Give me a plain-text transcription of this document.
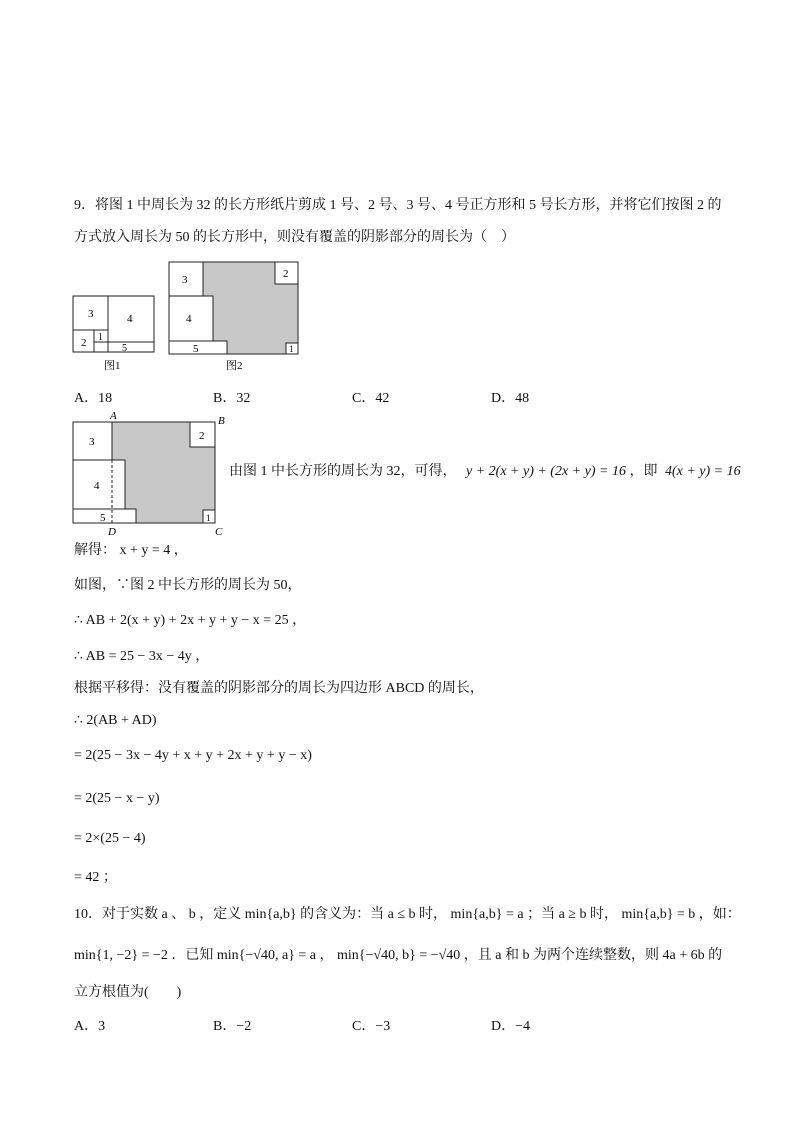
9．将图 1 中周长为 32 的长方形纸片剪成 1 号、2 号、3 号、4 号正方形和 5 号长方形，并将它们按图 2 的
方式放入周长为 50 的长方形中，则没有覆盖的阴影部分的周长为（　）
3	4
2 1
5
图1
3	2
4
5	1
图2
A．18	B．32	C．42	D．48
3	2
4
5	1
A	B
C
D
由图 1 中长方形的周长为 32，可得， y + 2(x + y) + (2x + y) = 16 ，即 4(x + y) = 16
解得： x + y = 4 ，
如图，∵图 2 中长方形的周长为 50，
∴ AB + 2(x + y) + 2x + y + y − x = 25 ，
∴ AB = 25 − 3x − 4y ，
根据平移得：没有覆盖的阴影部分的周长为四边形 ABCD 的周长，
∴ 2(AB + AD)
= 2(25 − 3x − 4y + x + y + 2x + y + y − x)
= 2(25 − x − y)
= 2×(25 − 4)
= 42 ；
10．对于实数 a 、 b ，定义 min{a,b} 的含义为：当 a ≤ b 时， min{a,b} = a ；当 a ≥ b 时， min{a,b} = b ，如：
min{1, −2} = −2 ．已知 min{−√40, a} = a ， min{−√40, b} = −√40 ，且 a 和 b 为两个连续整数，则 4a + 6b 的
立方根值为(　　)
A．3	B．−2	C．−3	D．−4
